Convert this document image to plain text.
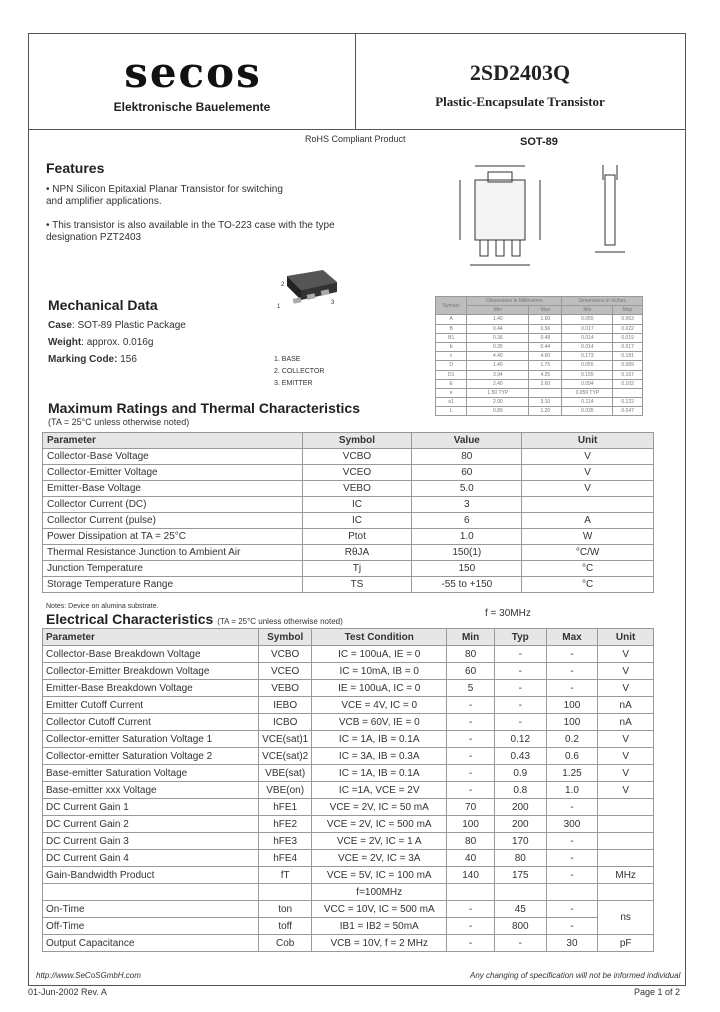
secos
Elektronische Bauelemente
2SD2403Q
Plastic-Encapsulate Transistor
RoHS Compliant Product	SOT-89
Features
• NPN Silicon Epitaxial Planar Transistor for switching and amplifier applications.
• This transistor is also available in the TO-223 case with the type designation PZT2403
1
2
3
Mechanical Data
Case: SOT-89 Plastic Package
Weight: approx. 0.016g
Marking Code: 156	1. BASE
2. COLLECTOR
3. EMITTER
Symbol	Dimensions in Millimeters		Dimensions in Inches	
	Min	Max	Min	Max
A	1.40	1.60	0.055	0.063
B	0.44	0.56	0.017	0.022
B1	0.36	0.48	0.014	0.019
b	0.35	0.44	0.014	0.017
c	4.40	4.60	0.173	0.181
D	1.40	1.75	0.055	0.069
D1	3.94	4.25	0.155	0.167
E	2.40	2.60	0.094	0.102
e	1.50 TYP		0.059 TYP	
e1	2.90	3.10	0.114	0.122
L	0.89	1.20	0.035	0.047
Maximum Ratings and Thermal Characteristics
(TA = 25°C unless otherwise noted)
Parameter	Symbol	Value	Unit
Collector-Base Voltage	VCBO	80	V
Collector-Emitter Voltage	VCEO	60	V
Emitter-Base Voltage	VEBO	5.0	V
Collector Current (DC)	IC	3	
Collector Current (pulse)	IC	6	A
Power Dissipation at TA = 25°C	Ptot	1.0	W
Thermal Resistance Junction to Ambient Air	RθJA	150(1)	°C/W
Junction Temperature	Tj	150	°C
Storage Temperature Range	TS	-55 to +150	°C
Notes: Device on alumina substrate.
f = 30MHz
Electrical Characteristics (TA = 25°C unless otherwise noted)
Parameter	Symbol	Test Condition	Min	Typ	Max	Unit
Collector-Base Breakdown Voltage	VCBO	IC = 100uA, IE = 0	80	-	-	V
Collector-Emitter Breakdown Voltage	VCEO	IC = 10mA, IB = 0	60	-	-	V
Emitter-Base Breakdown Voltage	VEBO	IE = 100uA, IC = 0	5	-	-	V
Emitter Cutoff Current	IEBO	VCE = 4V, IC = 0	-	-	100	nA
Collector Cutoff Current	ICBO	VCB = 60V, IE = 0	-	-	100	nA
Collector-emitter Saturation Voltage 1	VCE(sat)1	IC = 1A, IB = 0.1A	-	0.12	0.2	V
Collector-emitter Saturation Voltage 2	VCE(sat)2	IC = 3A, IB = 0.3A	-	0.43	0.6	V
Base-emitter Saturation Voltage	VBE(sat)	IC = 1A, IB = 0.1A	-	0.9	1.25	V
Base-emitter xxx Voltage	VBE(on)	IC =1A, VCE = 2V	-	0.8	1.0	V
DC Current Gain 1	hFE1	VCE = 2V, IC = 50 mA	70	200	-	
DC Current Gain 2	hFE2	VCE = 2V, IC = 500 mA	100	200	300	
DC Current Gain 3	hFE3	VCE = 2V, IC = 1 A	80	170	-	
DC Current Gain 4	hFE4	VCE = 2V, IC = 3A	40	80	-	
Gain-Bandwidth Product	fT	VCE = 5V, IC = 100 mA	140	175	-	MHz
		f=100MHz				
On-Time	ton	VCC = 10V, IC = 500 mA	-	45	-	ns
Off-Time	toff	IB1 = IB2 = 50mA	-	800	-	
Output Capacitance	Cob	VCB = 10V, f = 2 MHz	-	-	30	pF
http://www.SeCoSGmbH.com	Any changing of specification will not be informed individual
01-Jun-2002 Rev. A	Page 1 of 2
